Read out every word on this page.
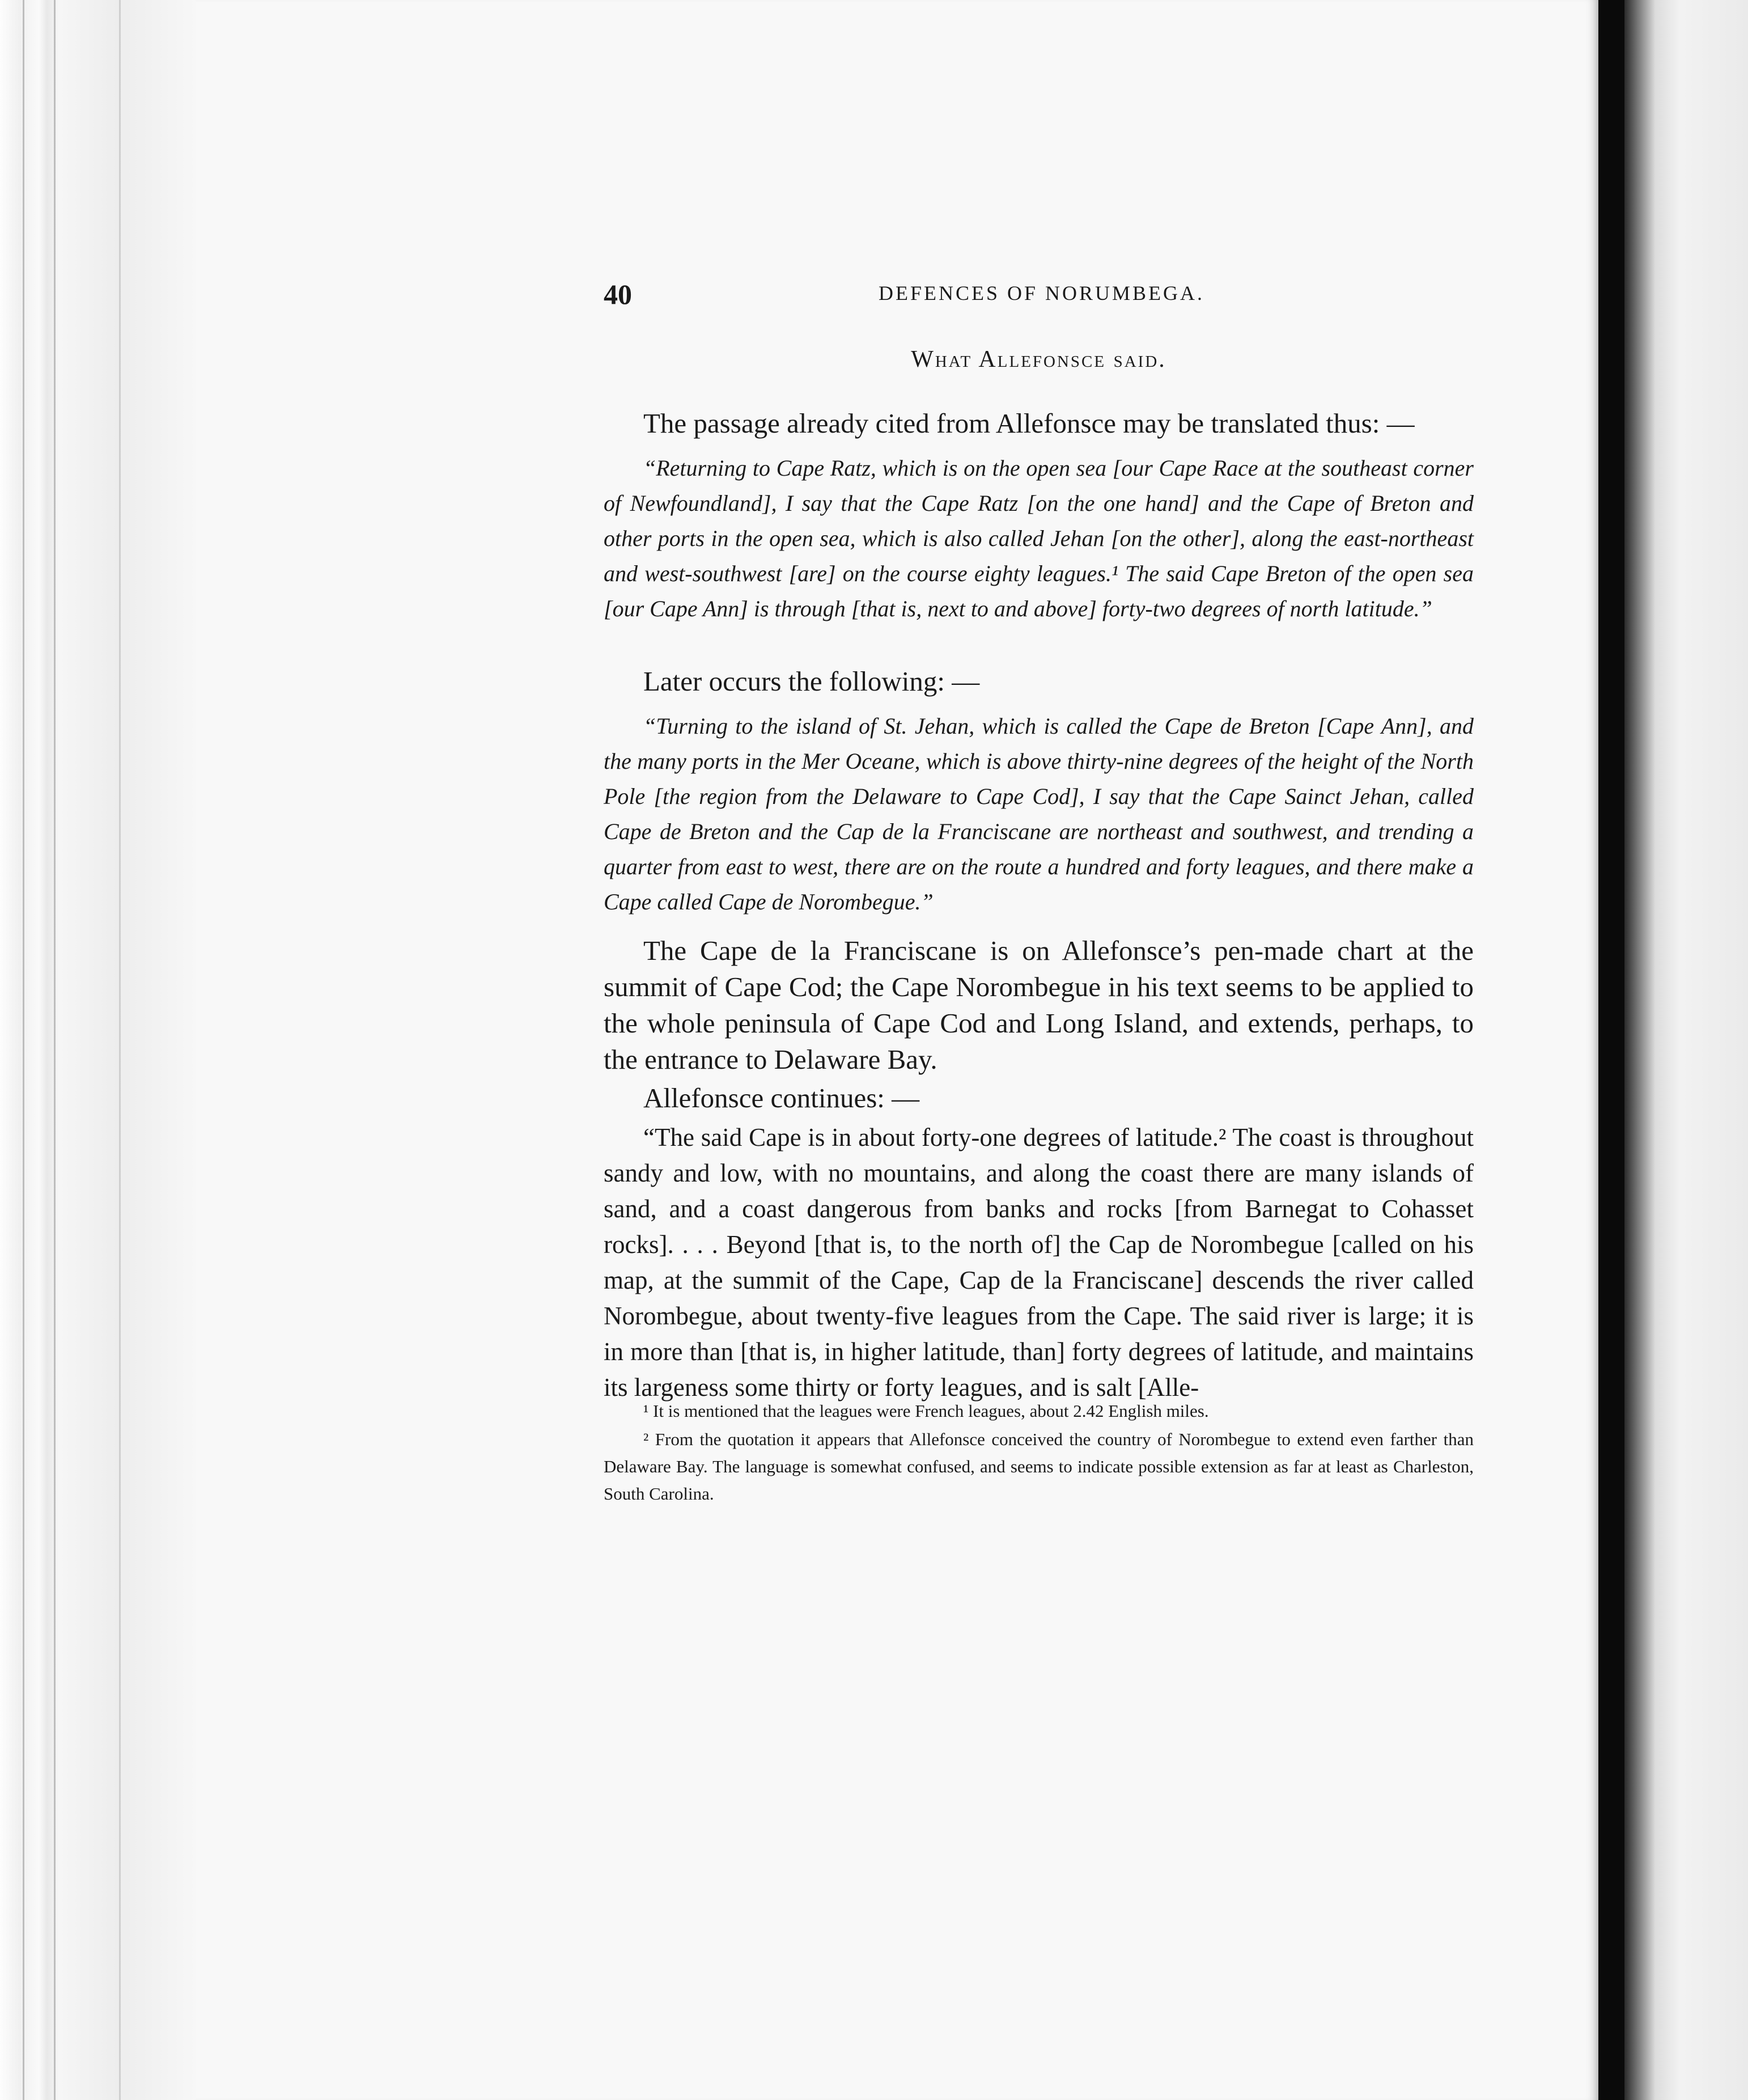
40	DEFENCES OF NORUMBEGA.
What Allefonsce said.
The passage already cited from Allefonsce may be translated thus: —
“Returning to Cape Ratz, which is on the open sea [our Cape Race at the southeast corner of Newfoundland], I say that the Cape Ratz [on the one hand] and the Cape of Breton and other ports in the open sea, which is also called Jehan [on the other], along the east-northeast and west-southwest [are] on the course eighty leagues.¹ The said Cape Breton of the open sea [our Cape Ann] is through [that is, next to and above] forty-two degrees of north latitude.”
Later occurs the following: —
“Turning to the island of St. Jehan, which is called the Cape de Breton [Cape Ann], and the many ports in the Mer Oceane, which is above thirty-nine degrees of the height of the North Pole [the region from the Delaware to Cape Cod], I say that the Cape Sainct Jehan, called Cape de Breton and the Cap de la Franciscane are northeast and southwest, and trending a quarter from east to west, there are on the route a hundred and forty leagues, and there make a Cape called Cape de Norombegue.”
The Cape de la Franciscane is on Allefonsce’s pen-made chart at the summit of Cape Cod; the Cape Norombegue in his text seems to be applied to the whole peninsula of Cape Cod and Long Island, and extends, perhaps, to the entrance to Delaware Bay.
Allefonsce continues: —
“The said Cape is in about forty-one degrees of latitude.² The coast is throughout sandy and low, with no mountains, and along the coast there are many islands of sand, and a coast dangerous from banks and rocks [from Barnegat to Cohasset rocks]. . . . Beyond [that is, to the north of] the Cap de Norombegue [called on his map, at the summit of the Cape, Cap de la Franciscane] descends the river called Norombegue, about twenty-five leagues from the Cape. The said river is large; it is in more than [that is, in higher latitude, than] forty degrees of latitude, and maintains its largeness some thirty or forty leagues, and is salt [Alle-
¹ It is mentioned that the leagues were French leagues, about 2.42 English miles.
² From the quotation it appears that Allefonsce conceived the country of Norombegue to extend even farther than Delaware Bay. The language is somewhat confused, and seems to indicate possible extension as far at least as Charleston, South Carolina.
